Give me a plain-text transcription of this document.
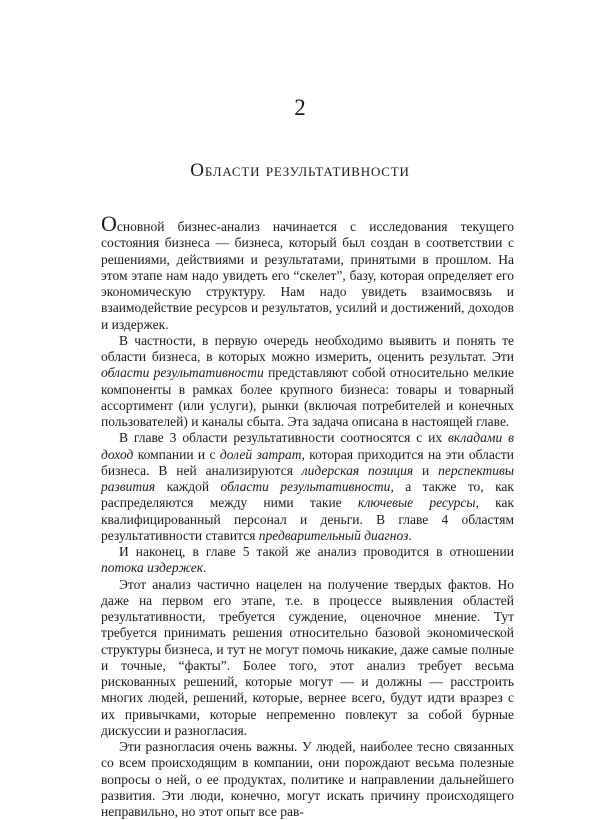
2
Области результативности

Основной бизнес-анализ начинается с исследования текущего состояния бизнеса — бизнеса, который был создан в соответствии с решениями, действиями и результатами, принятыми в прошлом. На этом этапе нам надо увидеть его “скелет”, базу, которая определяет его экономическую структуру. Нам надо увидеть взаимосвязь и взаимодействие ресурсов и результатов, усилий и достижений, доходов и издержек.

В частности, в первую очередь необходимо выявить и понять те области бизнеса, в которых можно измерить, оценить результат. Эти области результативности представляют собой относительно мелкие компоненты в рамках более крупного бизнеса: товары и товарный ассортимент (или услуги), рынки (включая потребителей и конечных пользователей) и каналы сбыта. Эта задача описана в настоящей главе.

В главе 3 области результативности соотносятся с их вкладами в доход компании и с долей затрат, которая приходится на эти области бизнеса. В ней анализируются лидерская позиция и перспективы развития каждой области результативности, а также то, как распределяются между ними такие ключевые ресурсы, как квалифицированный персонал и деньги. В главе 4 областям результативности ставится предварительный диагноз.

И наконец, в главе 5 такой же анализ проводится в отношении потока издержек.

Этот анализ частично нацелен на получение твердых фактов. Но даже на первом его этапе, т.е. в процессе выявления областей результативности, требуется суждение, оценочное мнение. Тут требуется принимать решения относительно базовой экономической структуры бизнеса, и тут не могут помочь никакие, даже самые полные и точные, “факты”. Более того, этот анализ требует весьма рискованных решений, которые могут — и должны — расстроить многих людей, решений, которые, вернее всего, будут идти вразрез с их привычками, которые непременно повлекут за собой бурные дискуссии и разногласия.

Эти разногласия очень важны. У людей, наиболее тесно связанных со всем происходящим в компании, они порождают весьма полезные вопросы о ней, о ее продуктах, политике и направлении дальнейшего развития. Эти люди, конечно, могут искать причину происходящего неправильно, но этот опыт все рав-
